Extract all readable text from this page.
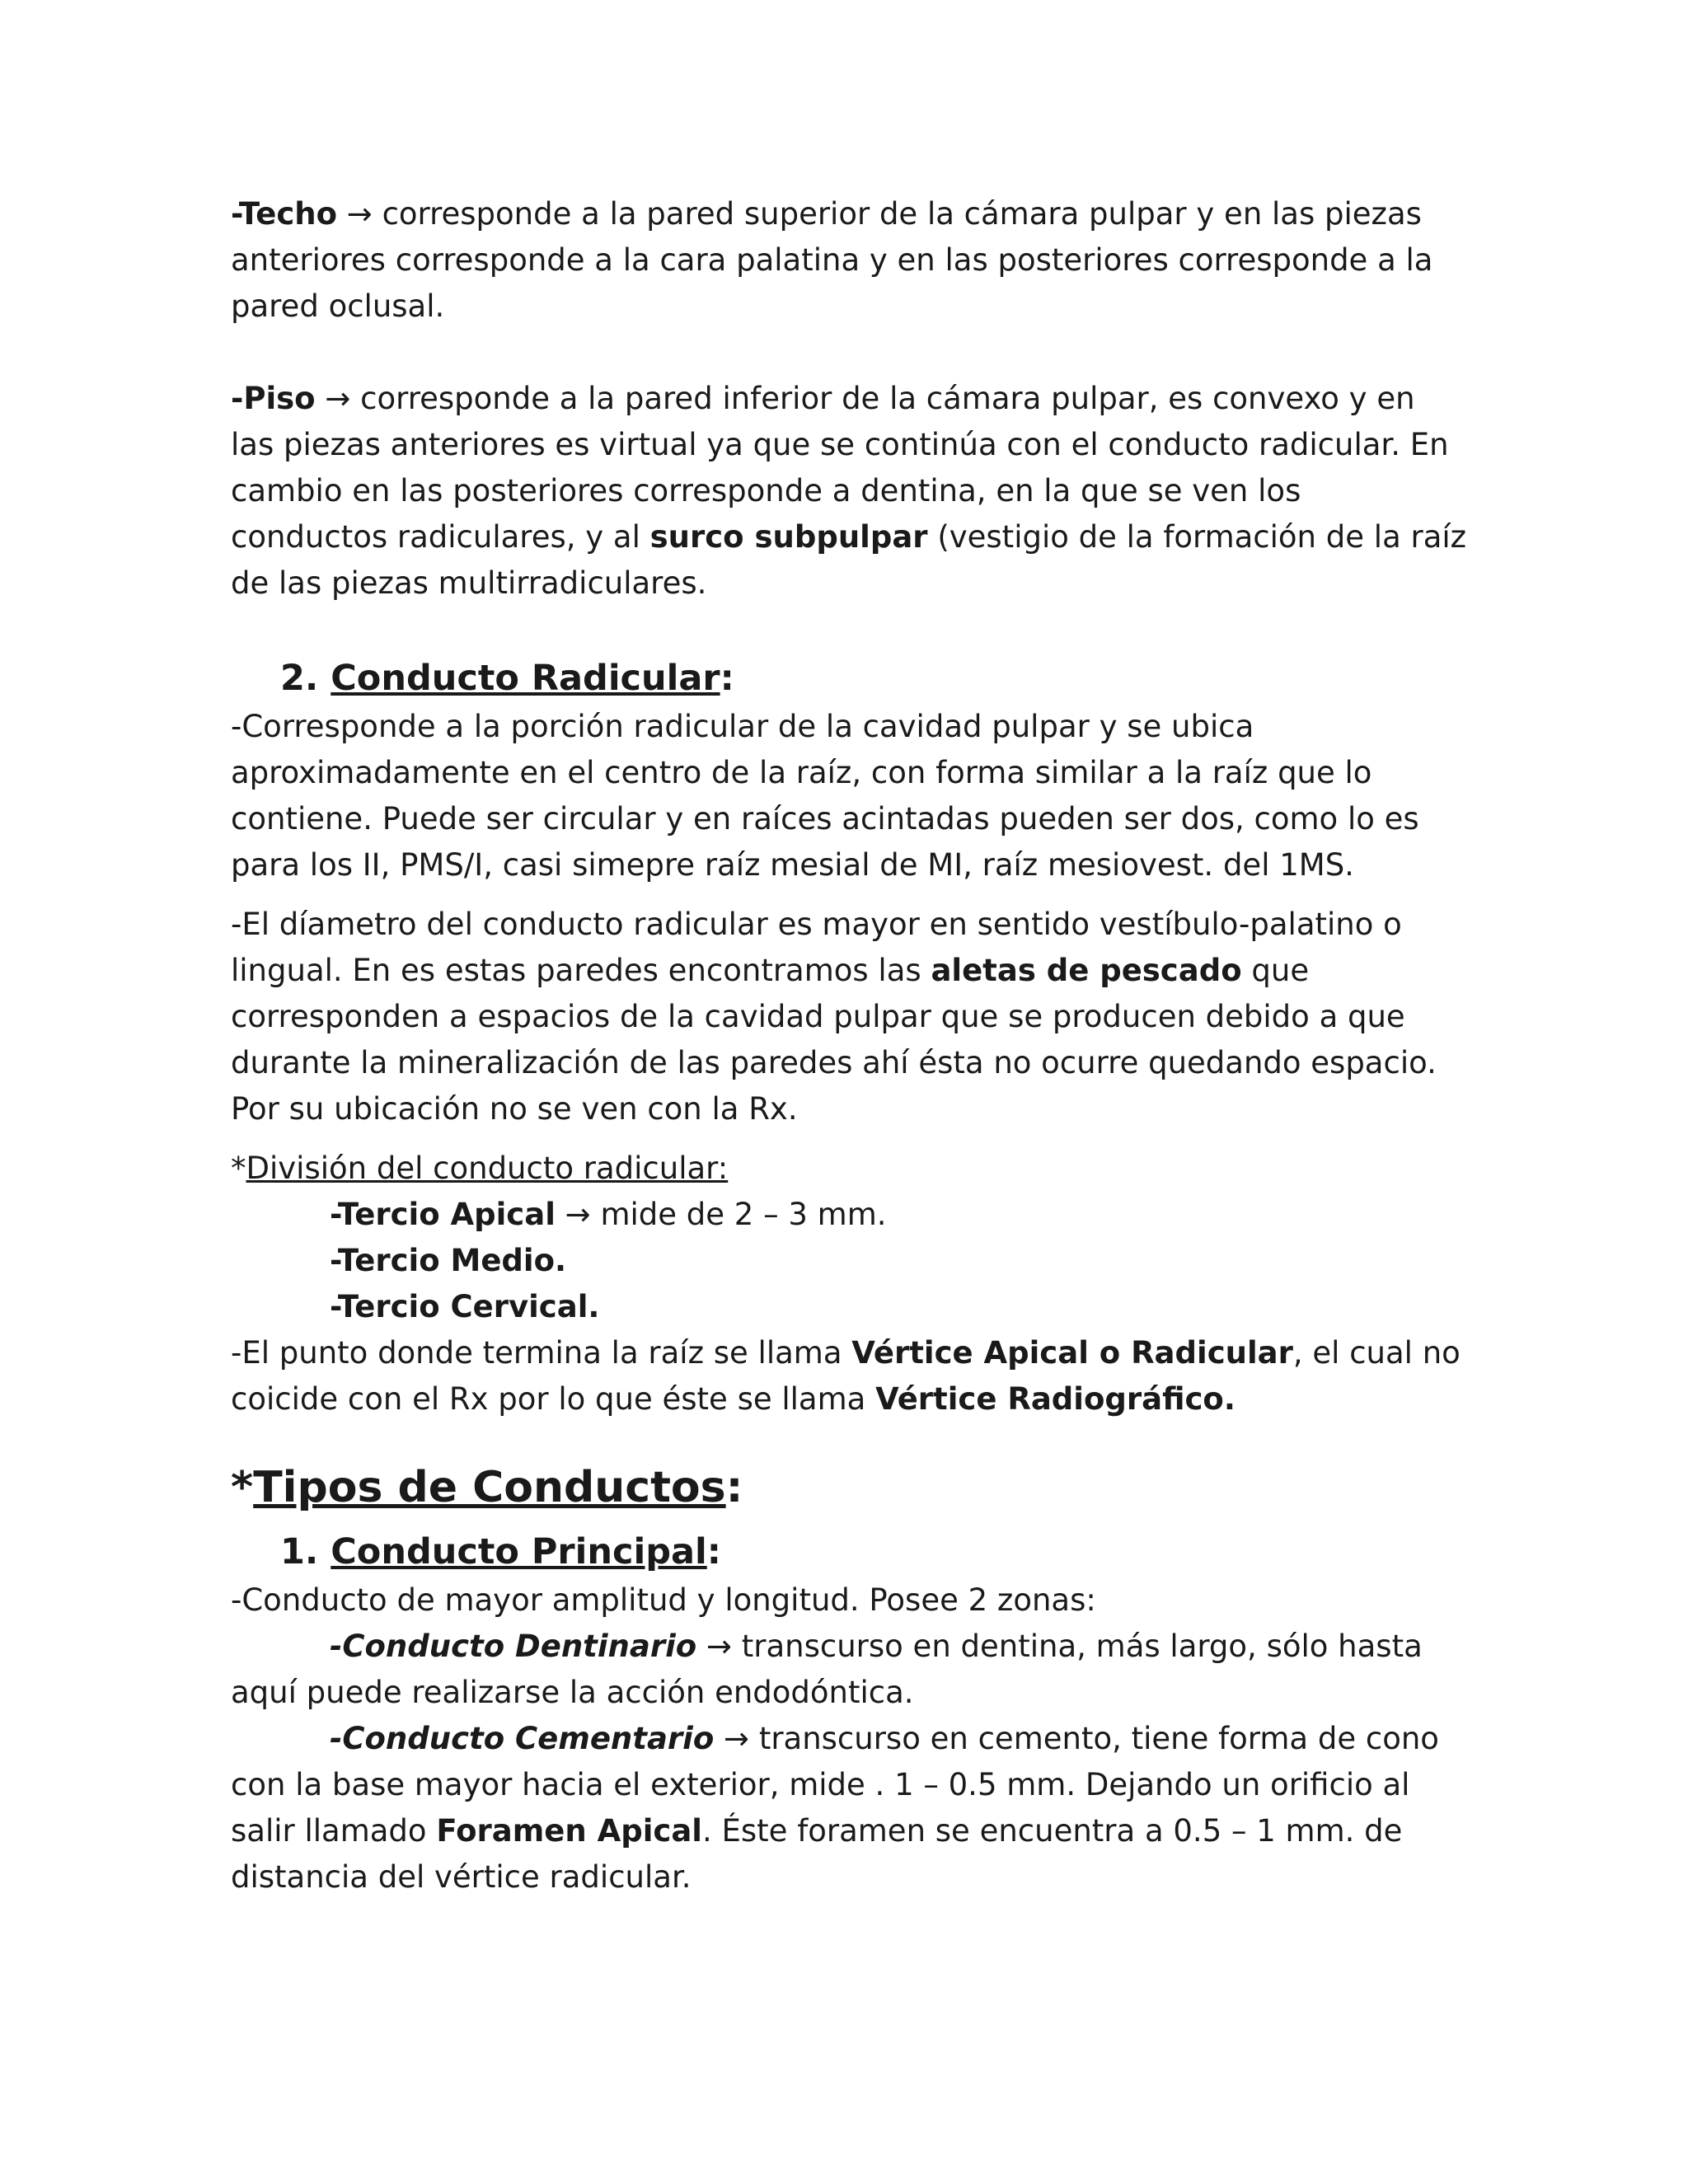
-Techo → corresponde a la pared superior de la cámara pulpar y en las piezas anteriores corresponde a la cara palatina y en las posteriores corresponde a la pared oclusal.

-Piso → corresponde a la pared inferior de la cámara pulpar, es convexo y en las piezas anteriores es virtual ya que se continúa con el conducto radicular. En cambio en las posteriores corresponde a dentina, en la que se ven los conductos radiculares, y al surco subpulpar (vestigio de la formación de la raíz de las piezas multirradiculares.

2. Conducto Radicular:

-Corresponde a la porción radicular de la cavidad pulpar y se ubica aproximadamente en el centro de la raíz, con forma similar a la raíz que lo contiene. Puede ser circular y en raíces acintadas pueden ser dos, como lo es para los II, PMS/I, casi simepre raíz mesial de MI, raíz mesiovest. del 1MS.

-El díametro del conducto radicular es mayor en sentido vestíbulo-palatino o lingual. En es estas paredes encontramos las aletas de pescado que corresponden a espacios de la cavidad pulpar que se producen debido a que durante la mineralización de las paredes ahí ésta no ocurre quedando espacio. Por su ubicación no se ven con la Rx.

*División del conducto radicular:

-Tercio Apical → mide de 2 – 3 mm.

-Tercio Medio.

-Tercio Cervical.

-El punto donde termina la raíz se llama Vértice Apical o Radicular, el cual no coicide con el Rx por lo que éste se llama Vértice Radiográfico.

*Tipos de Conductos:

1. Conducto Principal:

-Conducto de mayor amplitud y longitud. Posee 2 zonas:

-Conducto Dentinario → transcurso en dentina, más largo, sólo hasta aquí puede realizarse la acción endodóntica.

-Conducto Cementario → transcurso en cemento, tiene forma de cono con la base mayor hacia el exterior, mide . 1 – 0.5 mm. Dejando un orificio al salir llamado Foramen Apical. Éste foramen se encuentra a 0.5 – 1 mm. de distancia del vértice radicular.
